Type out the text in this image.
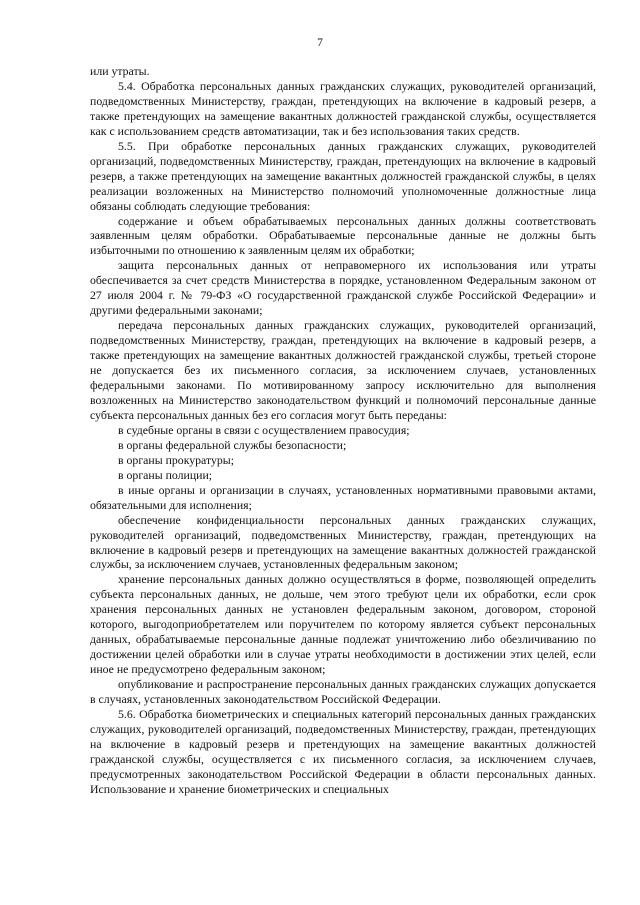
7

или утраты.

5.4. Обработка персональных данных гражданских служащих, руководителей организаций, подведомственных Министерству, граждан, претендующих на включение в кадровый резерв, а также претендующих на замещение вакантных должностей гражданской службы, осуществляется как с использованием средств автоматизации, так и без использования таких средств.

5.5. При обработке персональных данных гражданских служащих, руководителей организаций, подведомственных Министерству, граждан, претендующих на включение в кадровый резерв, а также претендующих на замещение вакантных должностей гражданской службы, в целях реализации возложенных на Министерство полномочий уполномоченные должностные лица обязаны соблюдать следующие требования:

содержание и объем обрабатываемых персональных данных должны соответствовать заявленным целям обработки. Обрабатываемые персональные данные не должны быть избыточными по отношению к заявленным целям их обработки;

защита персональных данных от неправомерного их использования или утраты обеспечивается за счет средств Министерства в порядке, установленном Федеральным законом от 27 июля 2004 г. № 79-ФЗ «О государственной гражданской службе Российской Федерации» и другими федеральными законами;

передача персональных данных гражданских служащих, руководителей организаций, подведомственных Министерству, граждан, претендующих на включение в кадровый резерв, а также претендующих на замещение вакантных должностей гражданской службы, третьей стороне не допускается без их письменного согласия, за исключением случаев, установленных федеральными законами. По мотивированному запросу исключительно для выполнения возложенных на Министерство законодательством функций и полномочий персональные данные субъекта персональных данных без его согласия могут быть переданы:

в судебные органы в связи с осуществлением правосудия;

в органы федеральной службы безопасности;

в органы прокуратуры;

в органы полиции;

в иные органы и организации в случаях, установленных нормативными правовыми актами, обязательными для исполнения;

обеспечение конфиденциальности персональных данных гражданских служащих, руководителей организаций, подведомственных Министерству, граждан, претендующих на включение в кадровый резерв и претендующих на замещение вакантных должностей гражданской службы, за исключением случаев, установленных федеральным законом;

хранение персональных данных должно осуществляться в форме, позволяющей определить субъекта персональных данных, не дольше, чем этого требуют цели их обработки, если срок хранения персональных данных не установлен федеральным законом, договором, стороной которого, выгодоприобретателем или поручителем по которому является субъект персональных данных, обрабатываемые персональные данные подлежат уничтожению либо обезличиванию по достижении целей обработки или в случае утраты необходимости в достижении этих целей, если иное не предусмотрено федеральным законом;

опубликование и распространение персональных данных гражданских служащих допускается в случаях, установленных законодательством Российской Федерации.

5.6. Обработка биометрических и специальных категорий персональных данных гражданских служащих, руководителей организаций, подведомственных Министерству, граждан, претендующих на включение в кадровый резерв и претендующих на замещение вакантных должностей гражданской службы, осуществляется с их письменного согласия, за исключением случаев, предусмотренных законодательством Российской Федерации в области персональных данных. Использование и хранение биометрических и специальных
